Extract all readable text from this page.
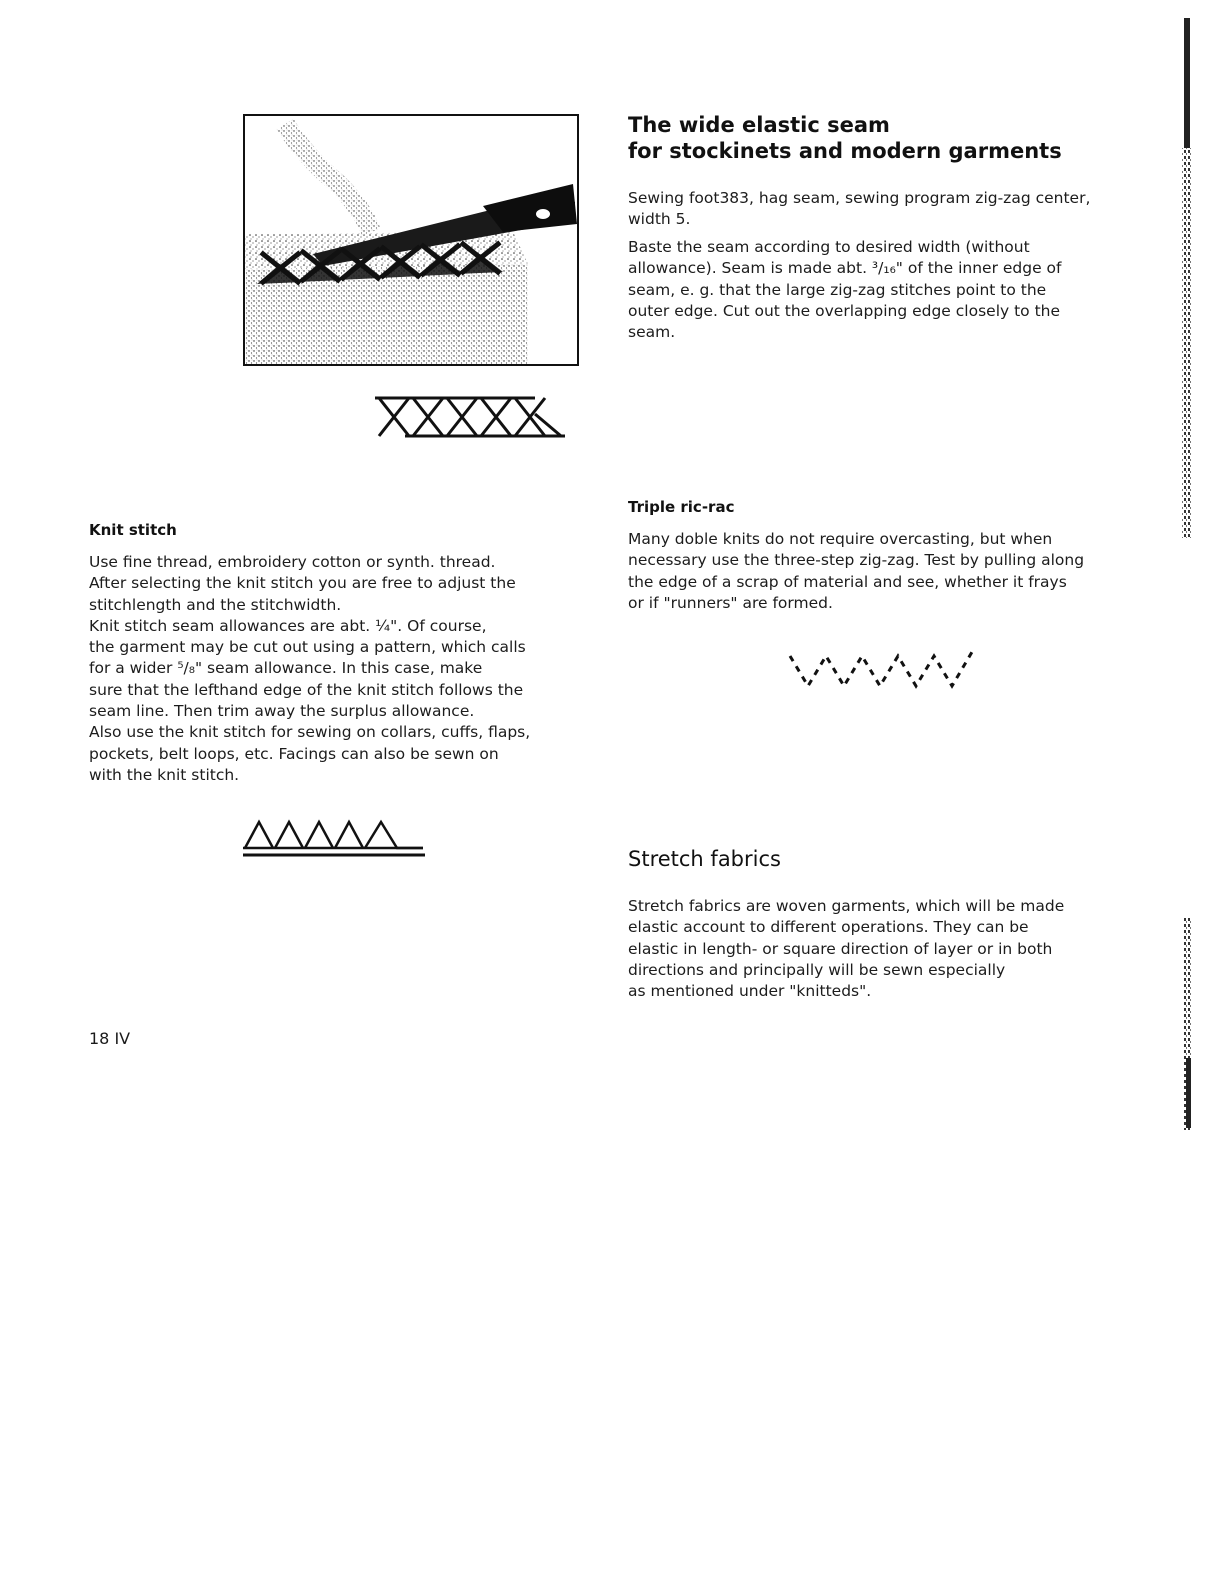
The wide elastic seam
for stockinets and modern garments
Sewing foot383, hag seam, sewing program zig-zag center,
width 5.
Baste the seam according to desired width (without
allowance). Seam is made abt. ³/₁₆" of the inner edge of
seam, e. g. that the large zig-zag stitches point to the
outer edge. Cut out the overlapping edge closely to the
seam.
Triple ric-rac
Many doble knits do not require overcasting, but when
necessary use the three-step zig-zag. Test by pulling along
the edge of a scrap of material and see, whether it frays
or if "runners" are formed.
Knit stitch
Use fine thread, embroidery cotton or synth. thread.
After selecting the knit stitch you are free to adjust the
stitchlength and the stitchwidth.
Knit stitch seam allowances are abt. ¼". Of course,
the garment may be cut out using a pattern, which calls
for a wider ⁵/₈" seam allowance. In this case, make
sure that the lefthand edge of the knit stitch follows the
seam line. Then trim away the surplus allowance.
Also use the knit stitch for sewing on collars, cuffs, flaps,
pockets, belt loops, etc. Facings can also be sewn on
with the knit stitch.
Stretch fabrics
Stretch fabrics are woven garments, which will be made
elastic account to different operations. They can be
elastic in length- or square direction of layer or in both
directions and principally will be sewn especially
as mentioned under "knitteds".
18 IV
